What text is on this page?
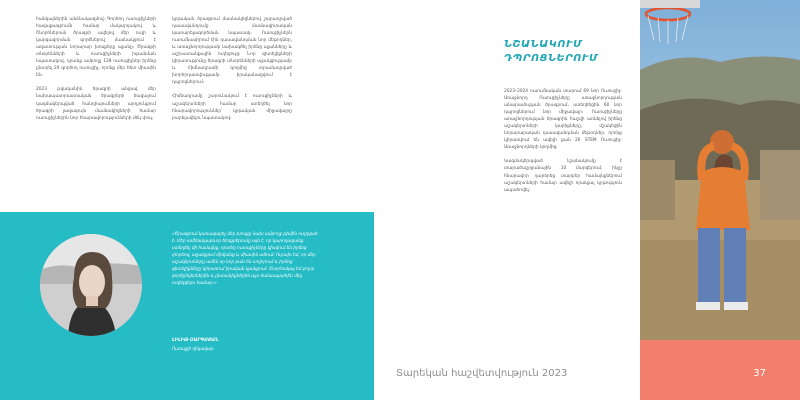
հանկայներին անձնակազմով։ Գործող ուսուցիչների հավաքագրումն համար մակարդակով և Շնորհներոսն ծրագրի ավելով մեր ուղի և կարգավորման գործներով մասնակցում է ազատության նորարար խոսքերը պլանը։ Ծրագրի տնօրենների և ուսուցիչների խթանման նպատակով, դրանք ամբողջ 128 ուսուցիչներ իրենց ընտրել 29 գործող ուսուցիչ, որոնք մեր հետ միասին են։

2023 թվականին ծրագրի անցավ մեր նախապատրաստական ծրագրերի ծավալում կազմակերպված հանդիպումների արդյունքում ծրագրի լավագույն մասնակիցների համար ուսուցիչներին նոր հնարավորությունների մեկ փուլ։

կրթական ծրագրում մասնակիցներով շարադրված դասավանդումը մասնագիտական կատարելագործման նպատակ։ Ուսուցիչներն ուսումնասիրում էին դասավանդման նոր մեթոդներ, և առաջնորդությամբ նախագծել իրենց պլանները և աշխատանքային ուղեցույց։ Նոր գիտելիքների կիրառությունը ծրագրի տնօրենների աջակցությամբ և Հիմնադրամի կողմից տրամադրված խորհրդատվությամբ իրականացվում է դպրոցներում։

Հիմնադրամը շարունակում է ուսուցիչների և աշակերտների համար ստեղծել նոր հնարավորություններ՝ կրթական միջավայրը բարելավելու նպատակով։

«Ծրագրում կառավարիչ մեր խոսքը նախ ամբողջ թիմին ուղղված է։ Մեր ամենակարևոր ձեռքբերումը այն է, որ կարողացանք ստեղծել մի համայնք, որտեղ ուսուցիչները կիսվում են իրենց փորձով, աջակցում միմյանց և միասին աճում։ Ուրախ եմ, որ մեր աշակերտները ամեն օր նոր բան են սովորում և իրենց գիտելիքները կիրառում իրական կյանքում։ Շնորհակալ եմ բոլոր գործընկերներին և ընտանիքներին այս ճանապարհին մեզ ուղեկցելու համար։»
ԼԻԼԻԹ ՍԱՐԳՍՅԱՆ
Ուսուցչի ղեկավար
ՆՇԱՆԱԿՈՒՄ
ԴՊՐՈՑՆԵՐՈՒՄ

2023–2024 ուսումնական տարում 69 նոր Ուսուցիչ-Առաջնորդ Ուսուցիչները առաջնորդության անարամության ծրագրում, ստեղծեցին 60 նոր դպրոցներում նոր միջավայր։ Ուսուցիչները առաջնորդության ծրագրին հաշվի առնելով իրենց աշակերտների կարիքները, մշակեցին նորարարական դասավանդման մեթոդներ, որոնք կիրառվում են ավելի քան 26 STEM Ուսուցիչ-Առաջնորդների կողմից։

Կազմակերպված նշանակումը է տարածաշրջանային 10 մարզերում, ինչը հնարավոր դարձրեց տարբեր համայնքներում աշակերտների համար ավելի որակյալ կրթություն ապահովել։

Տարեկան հաշվետվություն 2023	37
